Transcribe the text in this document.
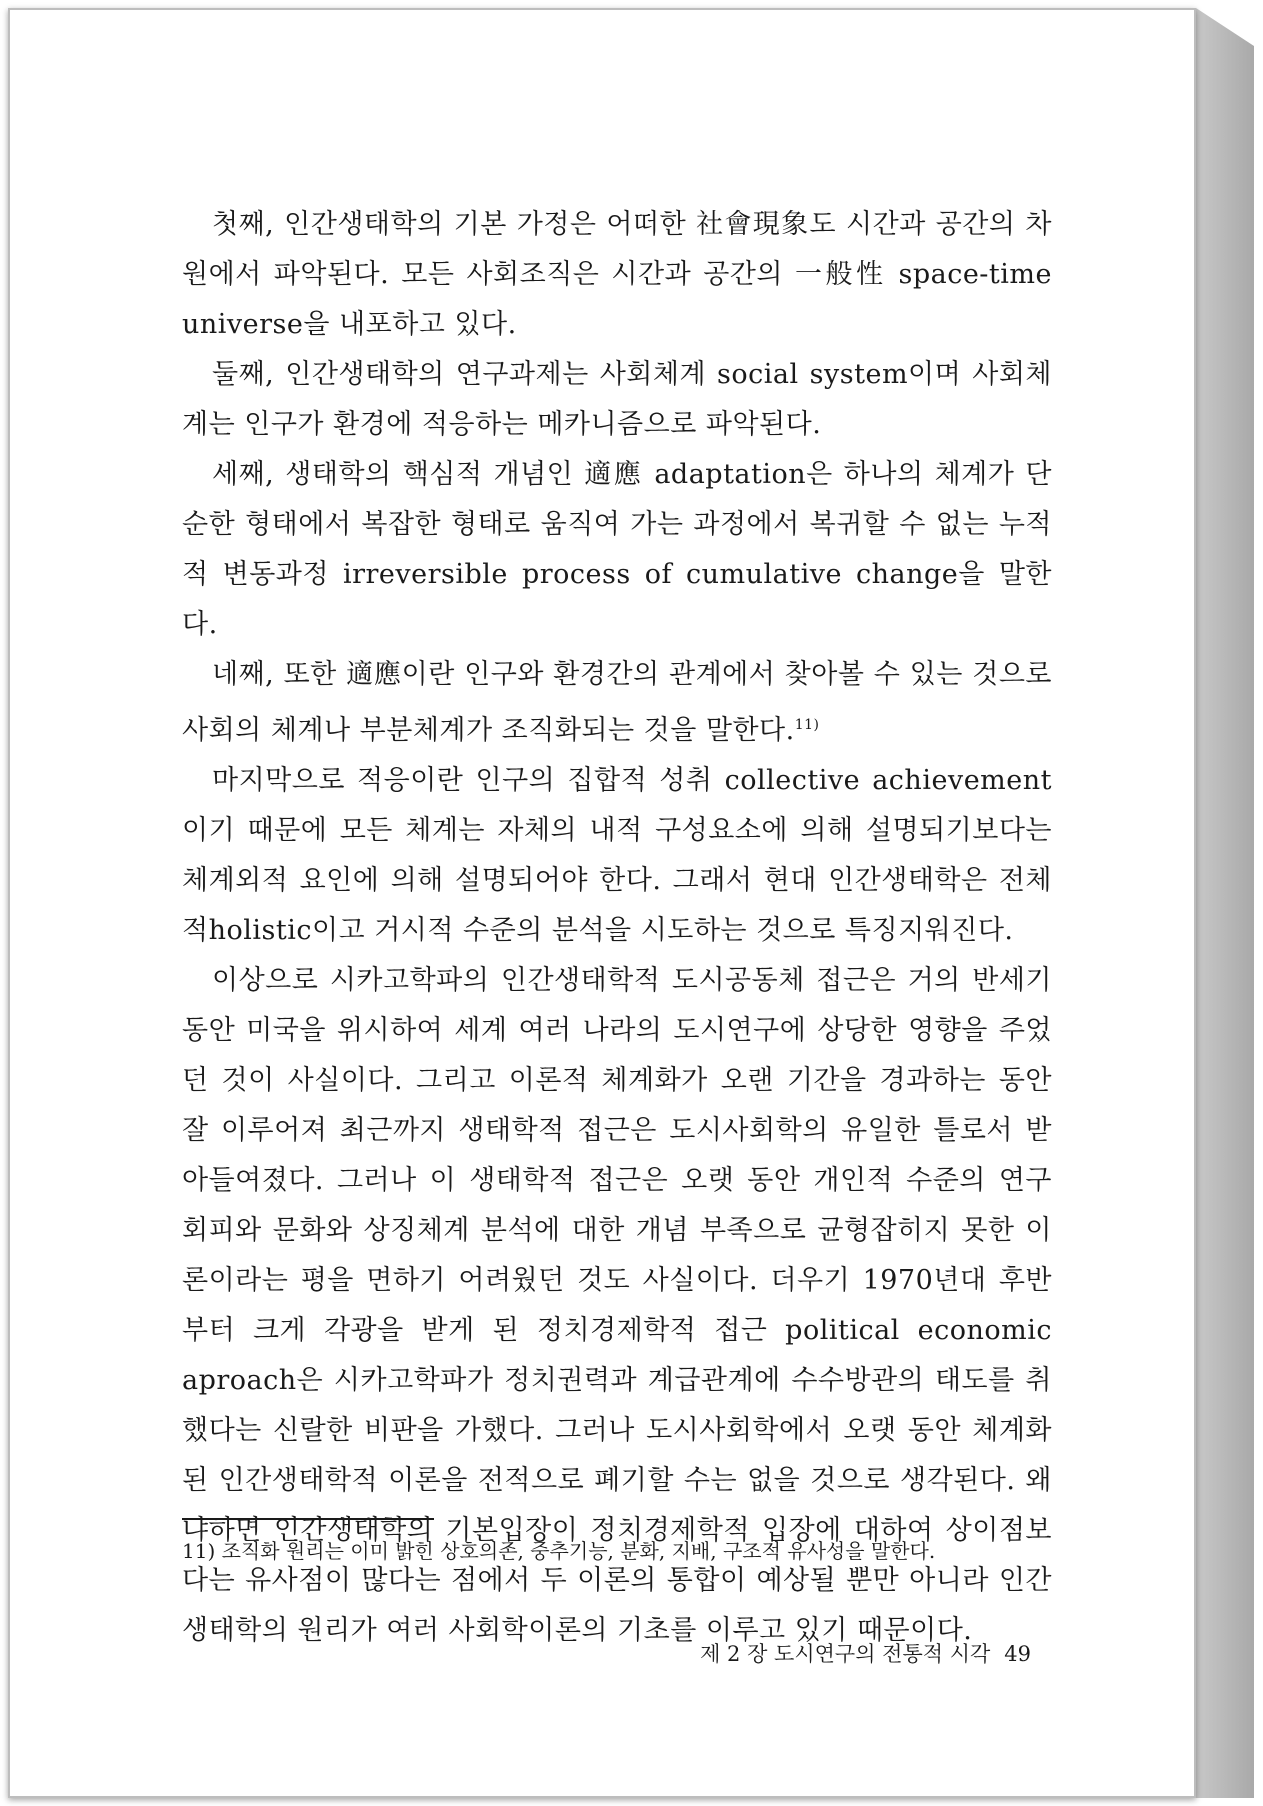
첫째, 인간생태학의 기본 가정은 어떠한 社會現象도 시간과 공간의 차원에서 파악된다. 모든 사회조직은 시간과 공간의 一般性 space-time universe을 내포하고 있다.

둘째, 인간생태학의 연구과제는 사회체계 social system이며 사회체계는 인구가 환경에 적응하는 메카니즘으로 파악된다.

세째, 생태학의 핵심적 개념인 適應 adaptation은 하나의 체계가 단순한 형태에서 복잡한 형태로 움직여 가는 과정에서 복귀할 수 없는 누적적 변동과정 irreversible process of cumulative change을 말한다.

네째, 또한 適應이란 인구와 환경간의 관계에서 찾아볼 수 있는 것으로 사회의 체계나 부분체계가 조직화되는 것을 말한다.$^{11)}$

마지막으로 적응이란 인구의 집합적 성취 collective achievement이기 때문에 모든 체계는 자체의 내적 구성요소에 의해 설명되기보다는 체계외적 요인에 의해 설명되어야 한다. 그래서 현대 인간생태학은 전체적holistic이고 거시적 수준의 분석을 시도하는 것으로 특징지워진다.

이상으로 시카고학파의 인간생태학적 도시공동체 접근은 거의 반세기 동안 미국을 위시하여 세계 여러 나라의 도시연구에 상당한 영향을 주었던 것이 사실이다. 그리고 이론적 체계화가 오랜 기간을 경과하는 동안 잘 이루어져 최근까지 생태학적 접근은 도시사회학의 유일한 틀로서 받아들여졌다. 그러나 이 생태학적 접근은 오랫 동안 개인적 수준의 연구 회피와 문화와 상징체계 분석에 대한 개념 부족으로 균형잡히지 못한 이론이라는 평을 면하기 어려웠던 것도 사실이다. 더우기 1970년대 후반부터 크게 각광을 받게 된 정치경제학적 접근 political economic aproach은 시카고학파가 정치권력과 계급관계에 수수방관의 태도를 취했다는 신랄한 비판을 가했다. 그러나 도시사회학에서 오랫 동안 체계화된 인간생태학적 이론을 전적으로 폐기할 수는 없을 것으로 생각된다. 왜냐하면 인간생태학의 기본입장이 정치경제학적 입장에 대하여 상이점보다는 유사점이 많다는 점에서 두 이론의 통합이 예상될 뿐만 아니라 인간생태학의 원리가 여러 사회학이론의 기초를 이루고 있기 때문이다.

11) 조직화 원리는 이미 밝힌 상호의존, 중추기능, 분화, 지배, 구조적 유사성을 말한다.
제 2 장 도시연구의 전통적 시각 49
